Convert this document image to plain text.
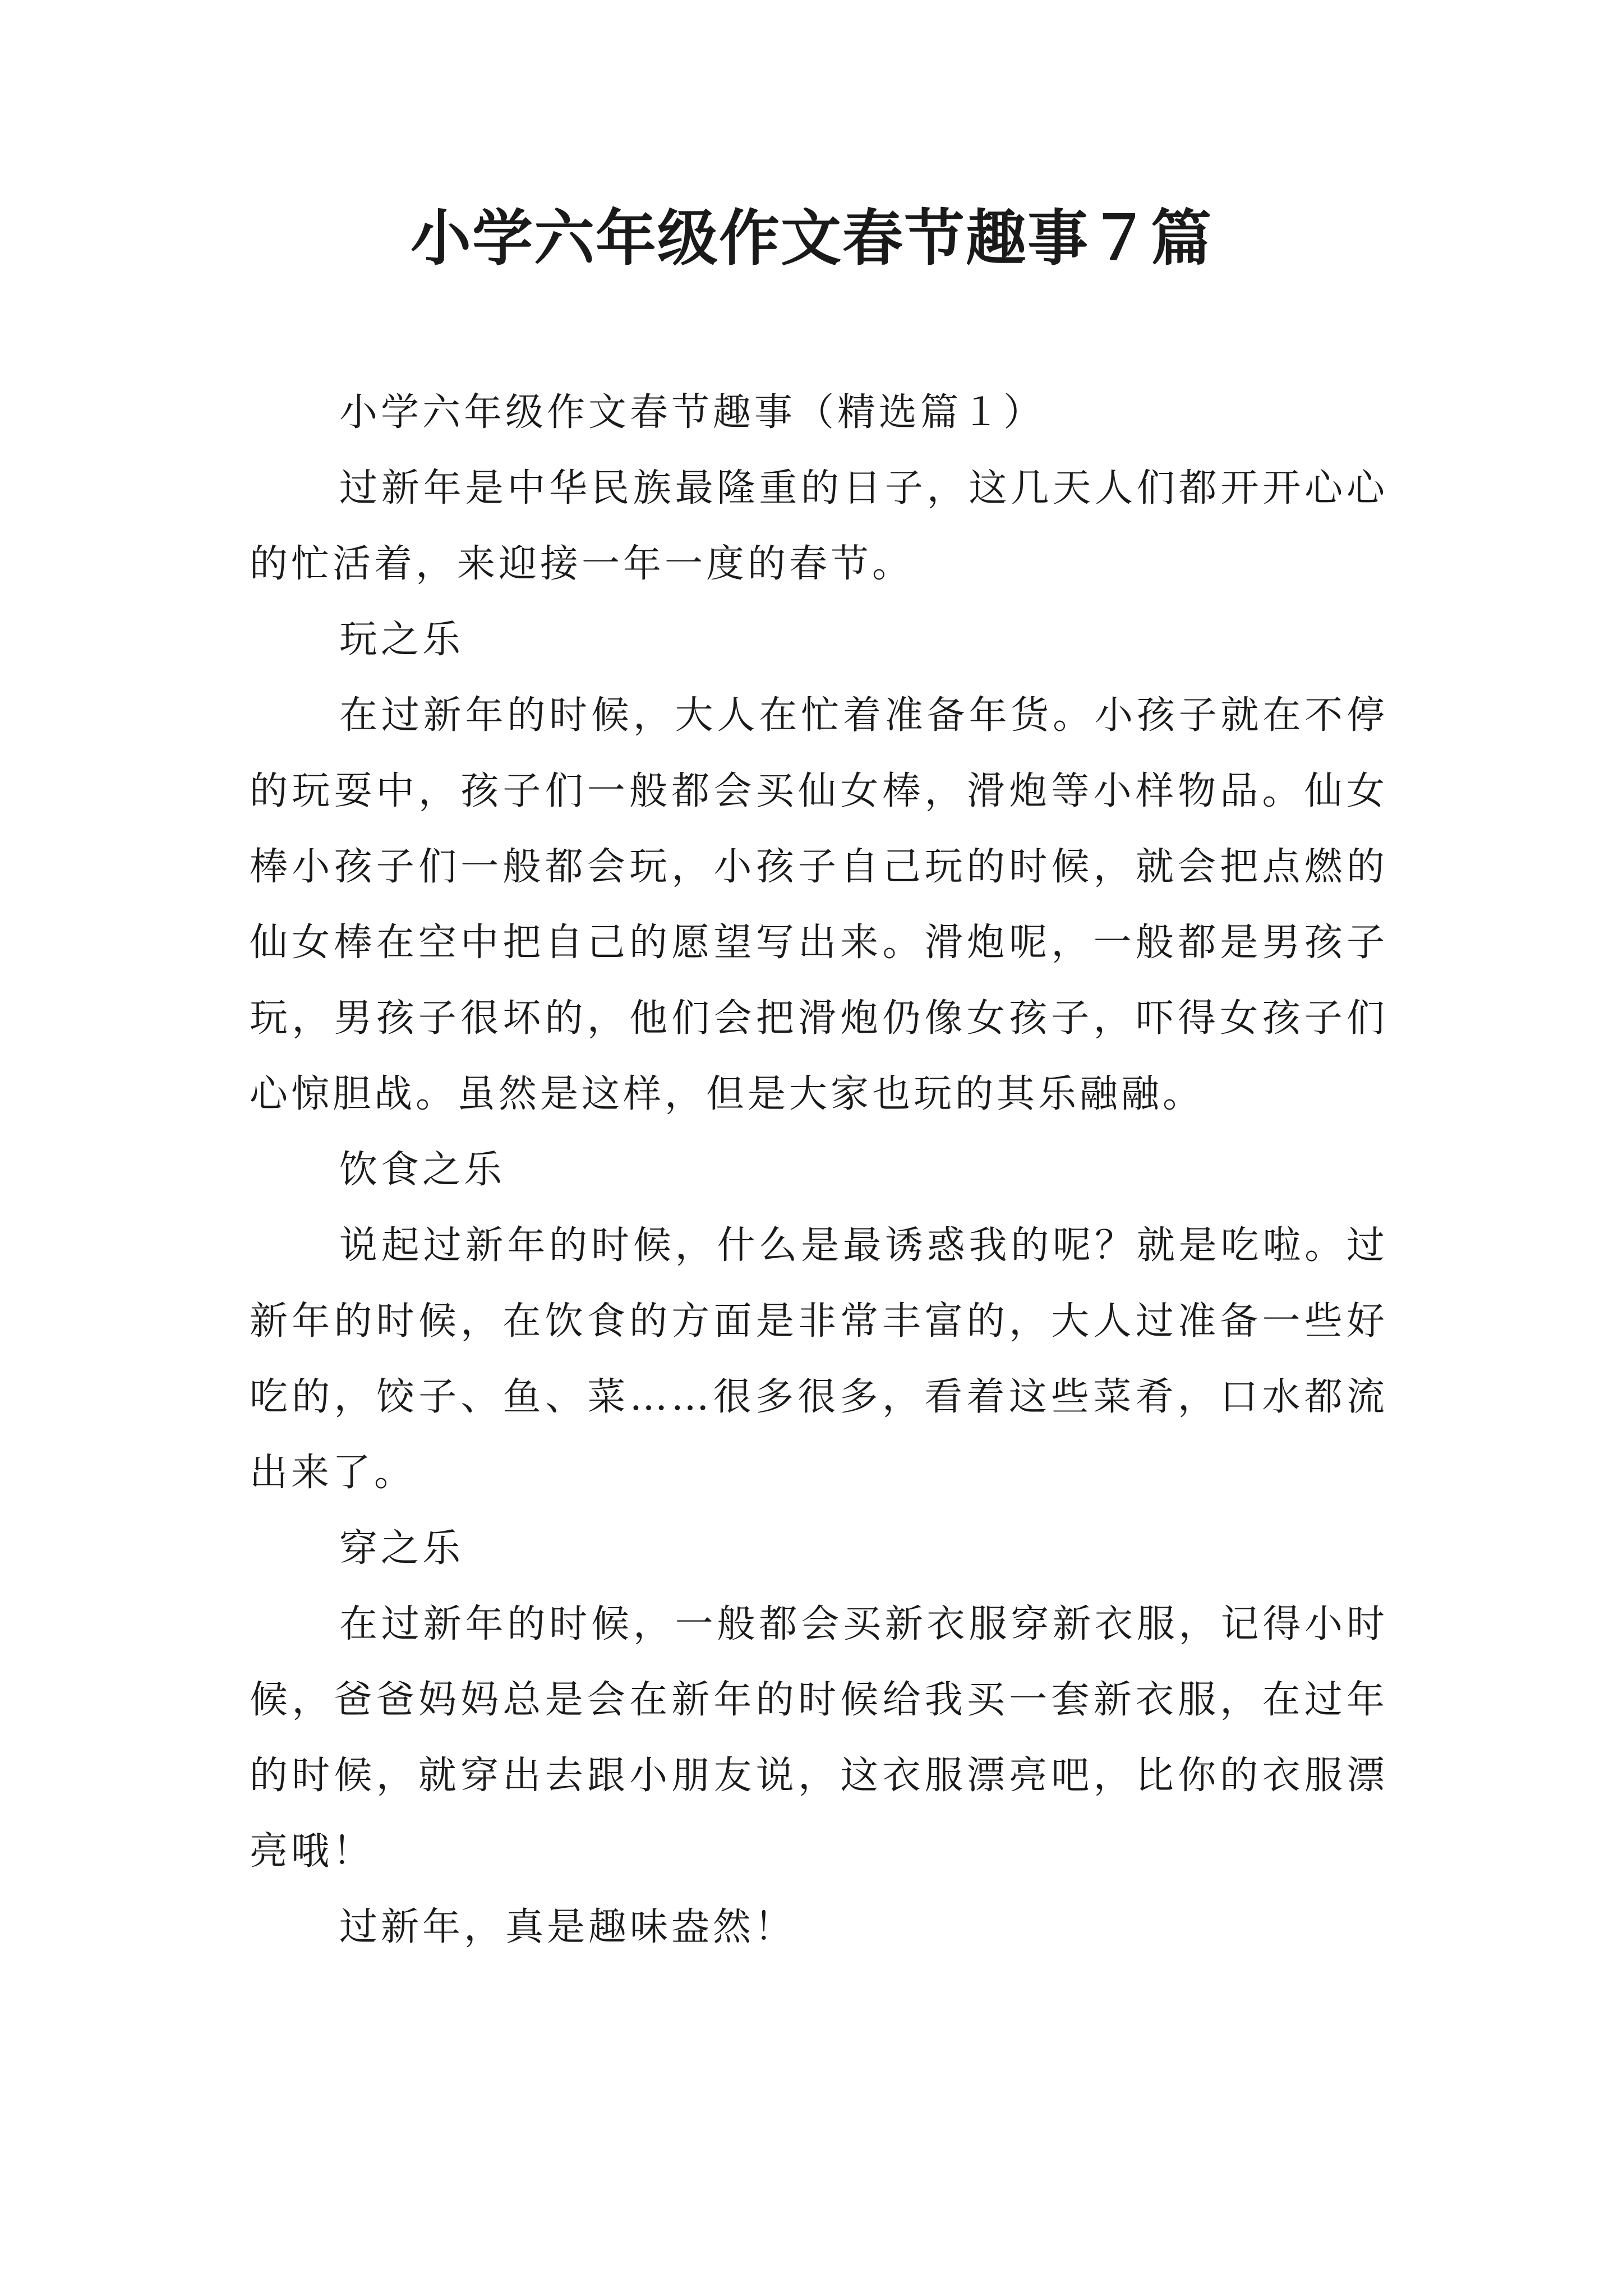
小学六年级作文春节趣事７篇

小学六年级作文春节趣事（精选篇１）

过新年是中华民族最隆重的日子，这几天人们都开开心心的忙活着，来迎接一年一度的春节。

玩之乐

在过新年的时候，大人在忙着准备年货。小孩子就在不停的玩耍中，孩子们一般都会买仙女棒，滑炮等小样物品。仙女棒小孩子们一般都会玩，小孩子自己玩的时候，就会把点燃的仙女棒在空中把自己的愿望写出来。滑炮呢，一般都是男孩子玩，男孩子很坏的，他们会把滑炮仍像女孩子，吓得女孩子们心惊胆战。虽然是这样，但是大家也玩的其乐融融。

饮食之乐

说起过新年的时候，什么是最诱惑我的呢？就是吃啦。过新年的时候，在饮食的方面是非常丰富的，大人过准备一些好吃的，饺子、鱼、菜……很多很多，看着这些菜肴，口水都流出来了。

穿之乐

在过新年的时候，一般都会买新衣服穿新衣服，记得小时候，爸爸妈妈总是会在新年的时候给我买一套新衣服，在过年的时候，就穿出去跟小朋友说，这衣服漂亮吧，比你的衣服漂亮哦！

过新年，真是趣味盎然！
